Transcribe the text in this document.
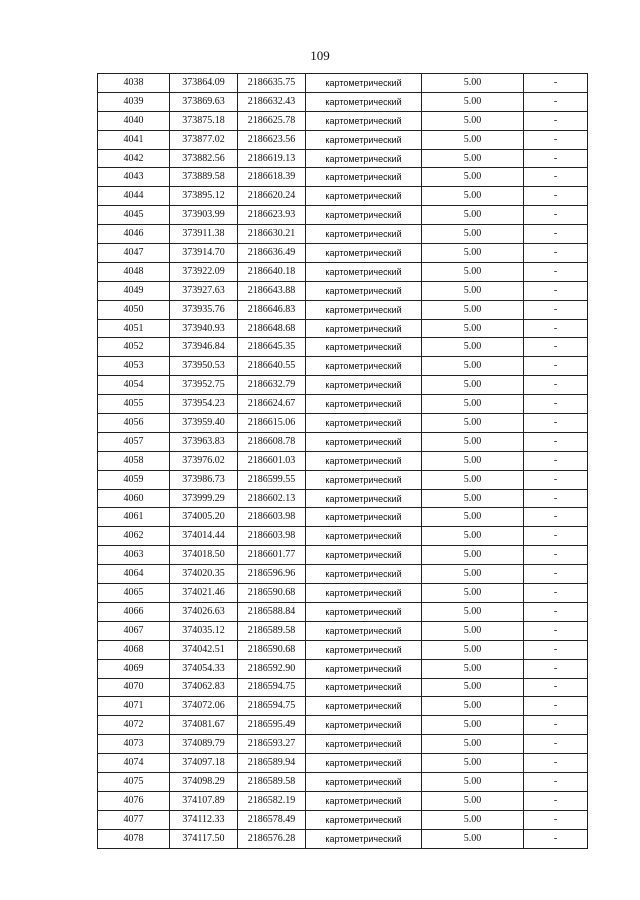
109
4038	373864.09	2186635.75	картометрический	5.00	-
4039	373869.63	2186632.43	картометрический	5.00	-
4040	373875.18	2186625.78	картометрический	5.00	-
4041	373877.02	2186623.56	картометрический	5.00	-
4042	373882.56	2186619.13	картометрический	5.00	-
4043	373889.58	2186618.39	картометрический	5.00	-
4044	373895.12	2186620.24	картометрический	5.00	-
4045	373903.99	2186623.93	картометрический	5.00	-
4046	373911.38	2186630.21	картометрический	5.00	-
4047	373914.70	2186636.49	картометрический	5.00	-
4048	373922.09	2186640.18	картометрический	5.00	-
4049	373927.63	2186643.88	картометрический	5.00	-
4050	373935.76	2186646.83	картометрический	5.00	-
4051	373940.93	2186648.68	картометрический	5.00	-
4052	373946.84	2186645.35	картометрический	5.00	-
4053	373950.53	2186640.55	картометрический	5.00	-
4054	373952.75	2186632.79	картометрический	5.00	-
4055	373954.23	2186624.67	картометрический	5.00	-
4056	373959.40	2186615.06	картометрический	5.00	-
4057	373963.83	2186608.78	картометрический	5.00	-
4058	373976.02	2186601.03	картометрический	5.00	-
4059	373986.73	2186599.55	картометрический	5.00	-
4060	373999.29	2186602.13	картометрический	5.00	-
4061	374005.20	2186603.98	картометрический	5.00	-
4062	374014.44	2186603.98	картометрический	5.00	-
4063	374018.50	2186601.77	картометрический	5.00	-
4064	374020.35	2186596.96	картометрический	5.00	-
4065	374021.46	2186590.68	картометрический	5.00	-
4066	374026.63	2186588.84	картометрический	5.00	-
4067	374035.12	2186589.58	картометрический	5.00	-
4068	374042.51	2186590.68	картометрический	5.00	-
4069	374054.33	2186592.90	картометрический	5.00	-
4070	374062.83	2186594.75	картометрический	5.00	-
4071	374072.06	2186594.75	картометрический	5.00	-
4072	374081.67	2186595.49	картометрический	5.00	-
4073	374089.79	2186593.27	картометрический	5.00	-
4074	374097.18	2186589.94	картометрический	5.00	-
4075	374098.29	2186589.58	картометрический	5.00	-
4076	374107.89	2186582.19	картометрический	5.00	-
4077	374112.33	2186578.49	картометрический	5.00	-
4078	374117.50	2186576.28	картометрический	5.00	-
